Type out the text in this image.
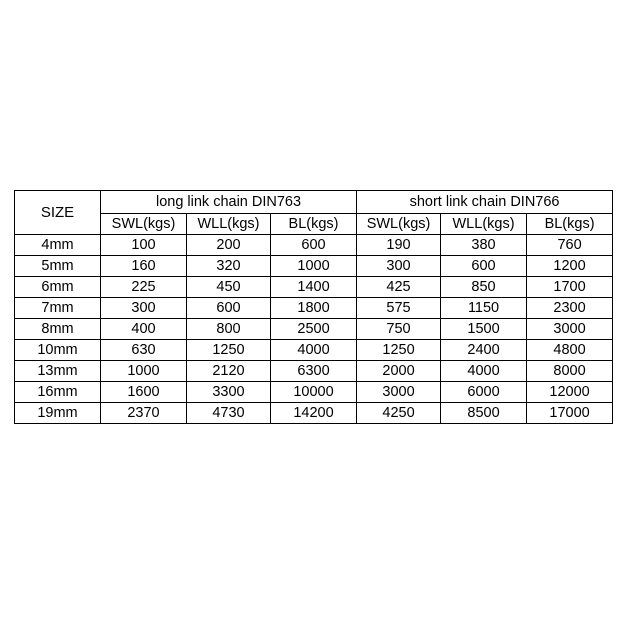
SIZE	long link chain DIN763			short link chain DIN766		
	SWL(kgs)	WLL(kgs)	BL(kgs)	SWL(kgs)	WLL(kgs)	BL(kgs)
4mm	100	200	600	190	380	760
5mm	160	320	1000	300	600	1200
6mm	225	450	1400	425	850	1700
7mm	300	600	1800	575	1150	2300
8mm	400	800	2500	750	1500	3000
10mm	630	1250	4000	1250	2400	4800
13mm	1000	2120	6300	2000	4000	8000
16mm	1600	3300	10000	3000	6000	12000
19mm	2370	4730	14200	4250	8500	17000
